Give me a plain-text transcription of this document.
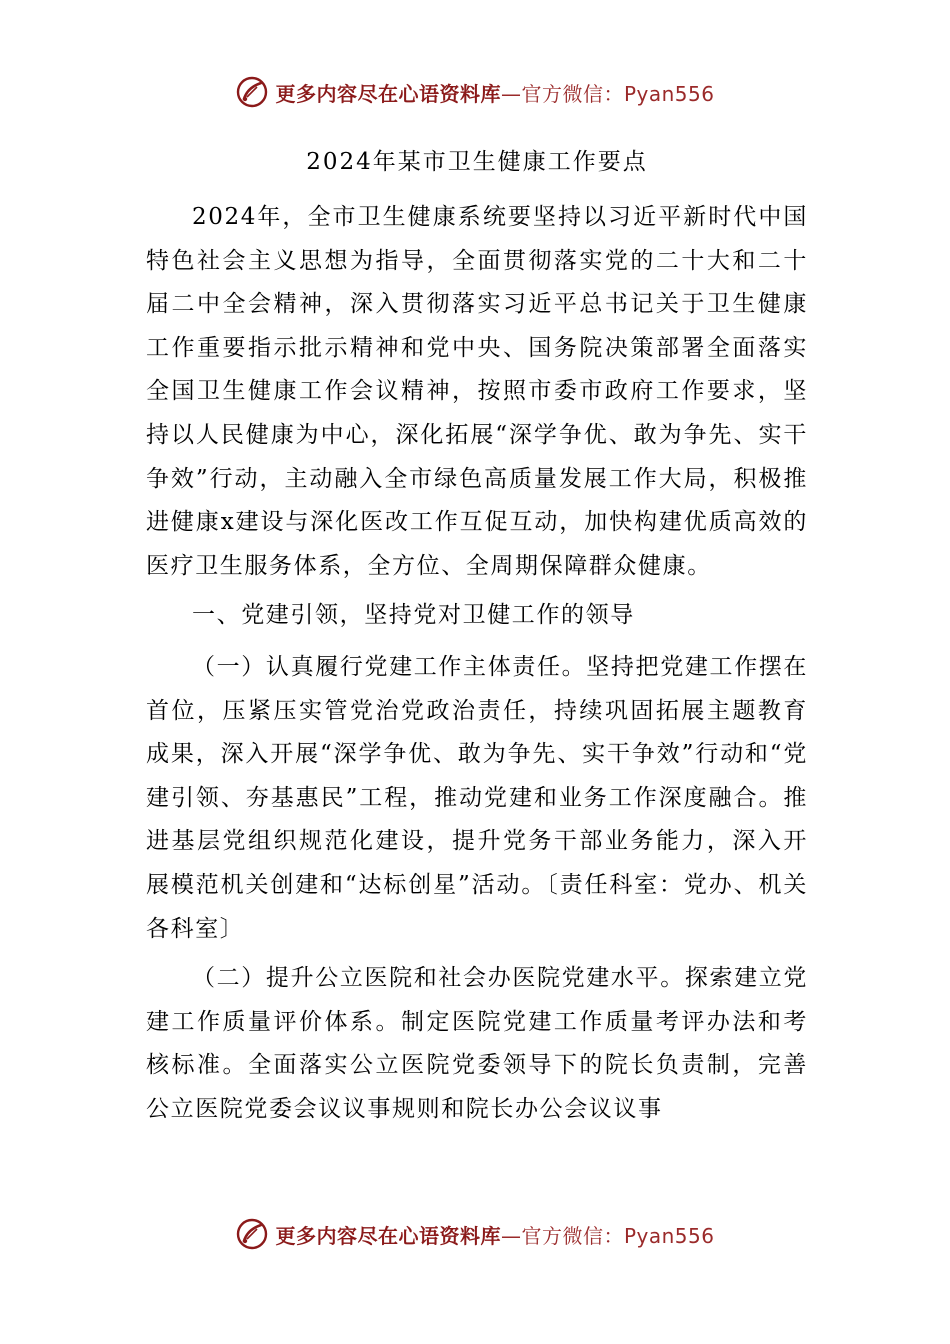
更多内容尽在心语资料库—官方微信：Pyan556
2024年某市卫生健康工作要点

2024年，全市卫生健康系统要坚持以习近平新时代中国特色社会主义思想为指导，全面贯彻落实党的二十大和二十届二中全会精神，深入贯彻落实习近平总书记关于卫生健康工作重要指示批示精神和党中央、国务院决策部署全面落实全国卫生健康工作会议精神，按照市委市政府工作要求，坚持以人民健康为中心，深化拓展“深学争优、敢为争先、实干争效”行动，主动融入全市绿色高质量发展工作大局，积极推进健康x建设与深化医改工作互促互动，加快构建优质高效的医疗卫生服务体系，全方位、全周期保障群众健康。

一、党建引领，坚持党对卫健工作的领导

（一）认真履行党建工作主体责任。坚持把党建工作摆在首位，压紧压实管党治党政治责任，持续巩固拓展主题教育成果，深入开展“深学争优、敢为争先、实干争效”行动和“党建引领、夯基惠民”工程，推动党建和业务工作深度融合。推进基层党组织规范化建设，提升党务干部业务能力，深入开展模范机关创建和“达标创星”活动。〔责任科室：党办、机关各科室〕

（二）提升公立医院和社会办医院党建水平。探索建立党建工作质量评价体系。制定医院党建工作质量考评办法和考核标准。全面落实公立医院党委领导下的院长负责制，完善公立医院党委会议议事规则和院长办公会议议事

更多内容尽在心语资料库—官方微信：Pyan556
